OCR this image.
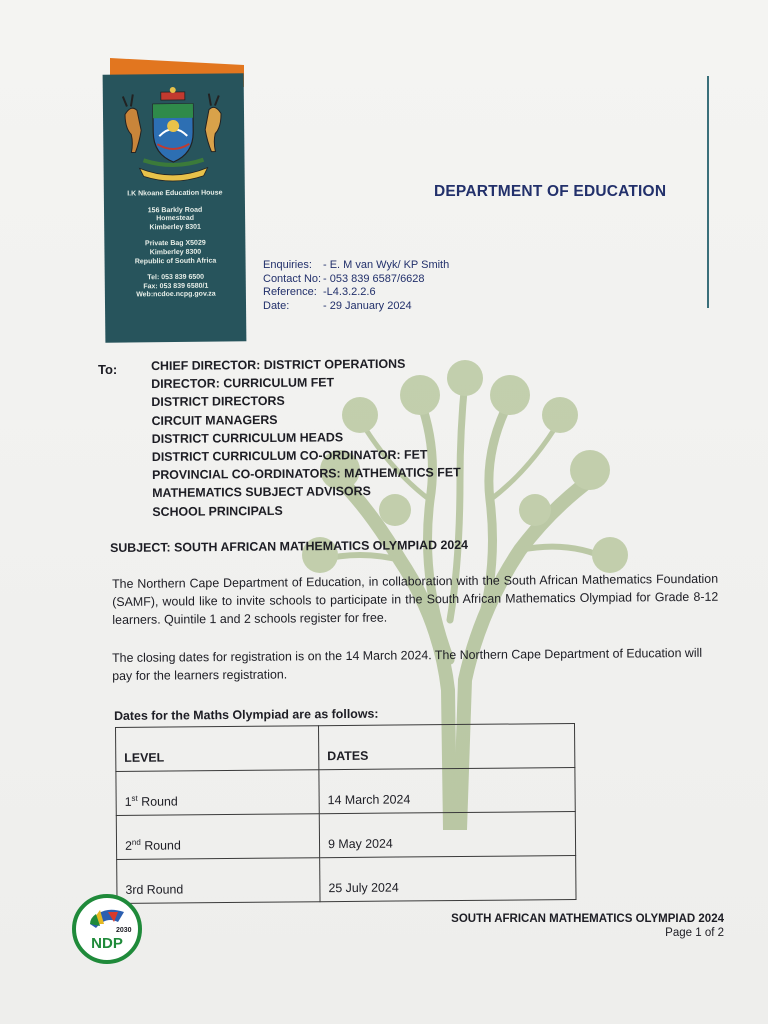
I.K Nkoane Education House
156 Barkly Road
Homestead
Kimberley 8301
Private Bag X5029
Kimberley 8300
Republic of South Africa
Tel: 053 839 6500
Fax: 053 839 6580/1
Web:ncdoe.ncpg.gov.za
DEPARTMENT OF EDUCATION
Enquiries:	- E. M van Wyk/ KP Smith
Contact No: - 053 839 6587/6628
Reference: -L4.3.2.2.6
Date:	- 29 January 2024
To:	CHIEF DIRECTOR: DISTRICT OPERATIONS
DIRECTOR: CURRICULUM FET
DISTRICT DIRECTORS
CIRCUIT MANAGERS
DISTRICT CURRICULUM HEADS
DISTRICT CURRICULUM CO-ORDINATOR: FET
PROVINCIAL CO-ORDINATORS: MATHEMATICS FET
MATHEMATICS SUBJECT ADVISORS
SCHOOL PRINCIPALS
SUBJECT: SOUTH AFRICAN MATHEMATICS OLYMPIAD 2024
The Northern Cape Department of Education, in collaboration with the South African Mathematics Foundation (SAMF), would like to invite schools to participate in the South African Mathematics Olympiad for Grade 8-12 learners. Quintile 1 and 2 schools register for free.
The closing dates for registration is on the 14 March 2024. The Northern Cape Department of Education will pay for the learners registration.
Dates for the Maths Olympiad are as follows:
LEVEL	DATES
1st Round	14 March 2024
2nd Round	9 May 2024
3rd Round	25 July 2024
2030
NDP
SOUTH AFRICAN MATHEMATICS OLYMPIAD 2024
Page 1 of 2
